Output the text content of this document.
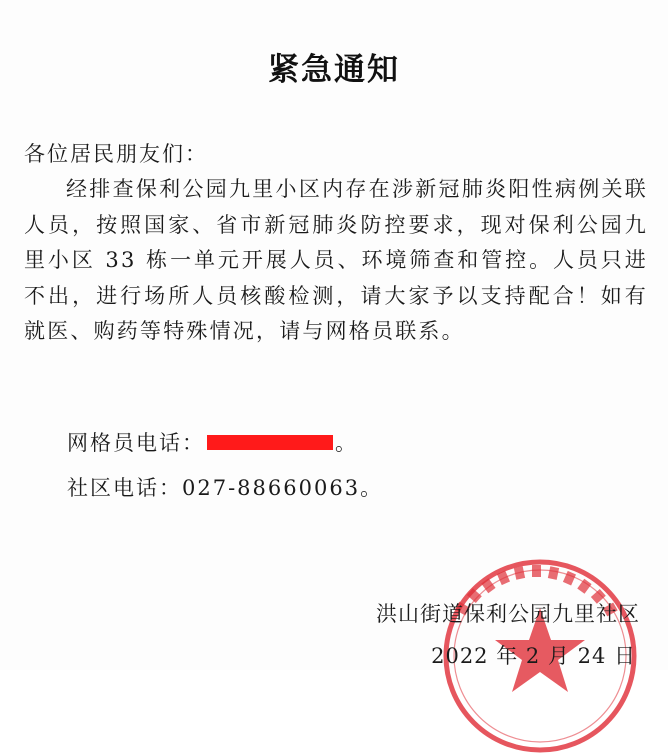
紧急通知
各位居民朋友们：
经排查保利公园九里小区内存在涉新冠肺炎阳性病例关联人员，按照国家、省市新冠肺炎防控要求，现对保利公园九里小区 33 栋一单元开展人员、环境筛查和管控。人员只进不出，进行场所人员核酸检测，请大家予以支持配合！如有就医、购药等特殊情况，请与网格员联系。
网格员电话：	。
社区电话：027-88660063。
洪山街道保利公园九里社区
2022 年 2 月 24 日
